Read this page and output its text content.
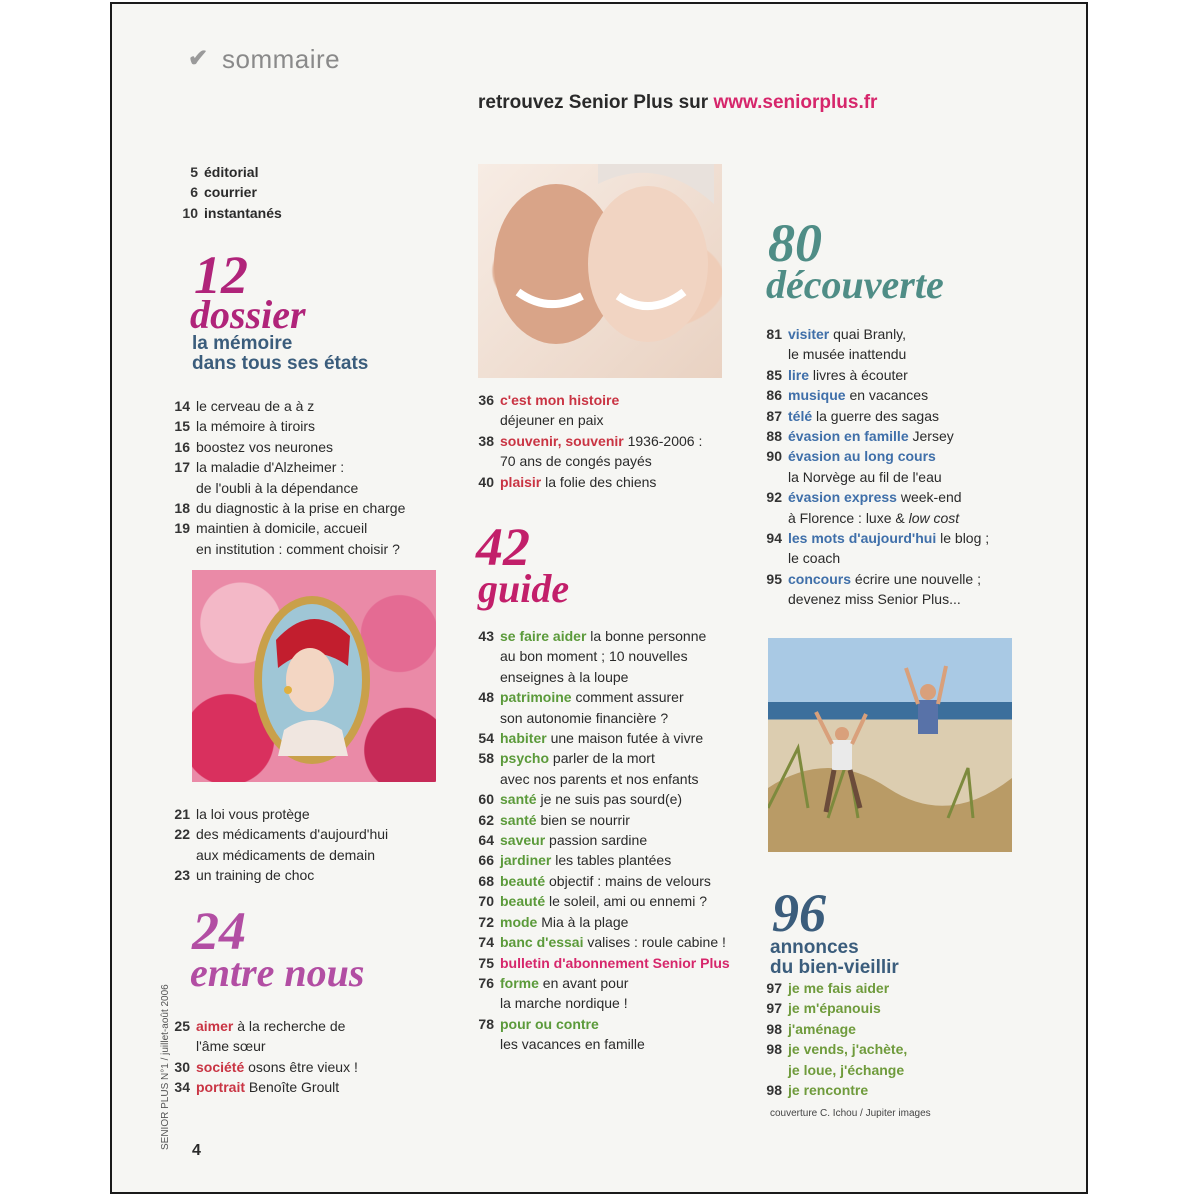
✔ sommaire
retrouvez Senior Plus sur www.seniorplus.fr
5 éditorial
6 courrier
10 instantanés
12
dossier
la mémoire
dans tous ses états
14 le cerveau de a à z
15 la mémoire à tiroirs
16 boostez vos neurones
17 la maladie d'Alzheimer :
de l'oubli à la dépendance
18 du diagnostic à la prise en charge
19 maintien à domicile, accueil
en institution : comment choisir ?
21 la loi vous protège
22 des médicaments d'aujourd'hui
aux médicaments de demain
23 un training de choc
24
entre nous
25 aimer à la recherche de
l'âme sœur
30 société osons être vieux !
34 portrait Benoîte Groult
36 c'est mon histoire
déjeuner en paix
38 souvenir, souvenir 1936-2006 :
70 ans de congés payés
40 plaisir la folie des chiens
42
guide
43 se faire aider la bonne personne
au bon moment ; 10 nouvelles
enseignes à la loupe
48 patrimoine comment assurer
son autonomie financière ?
54 habiter une maison futée à vivre
58 psycho parler de la mort
avec nos parents et nos enfants
60 santé je ne suis pas sourd(e)
62 santé bien se nourrir
64 saveur passion sardine
66 jardiner les tables plantées
68 beauté objectif : mains de velours
70 beauté le soleil, ami ou ennemi ?
72 mode Mia à la plage
74 banc d'essai valises : roule cabine !
75 bulletin d'abonnement Senior Plus
76 forme en avant pour
la marche nordique !
78 pour ou contre
les vacances en famille
80
découverte
81 visiter quai Branly,
le musée inattendu
85 lire livres à écouter
86 musique en vacances
87 télé la guerre des sagas
88 évasion en famille Jersey
90 évasion au long cours
la Norvège au fil de l'eau
92 évasion express week-end
à Florence : luxe & low cost
94 les mots d'aujourd'hui le blog ;
le coach
95 concours écrire une nouvelle ;
devenez miss Senior Plus...
96
annonces
du bien-vieillir
97 je me fais aider
97 je m'épanouis
98 j'aménage
98 je vends, j'achète,
je loue, j'échange
98 je rencontre
couverture C. Ichou / Jupiter images
4
SENIOR PLUS N°1 / juillet-août 2006
